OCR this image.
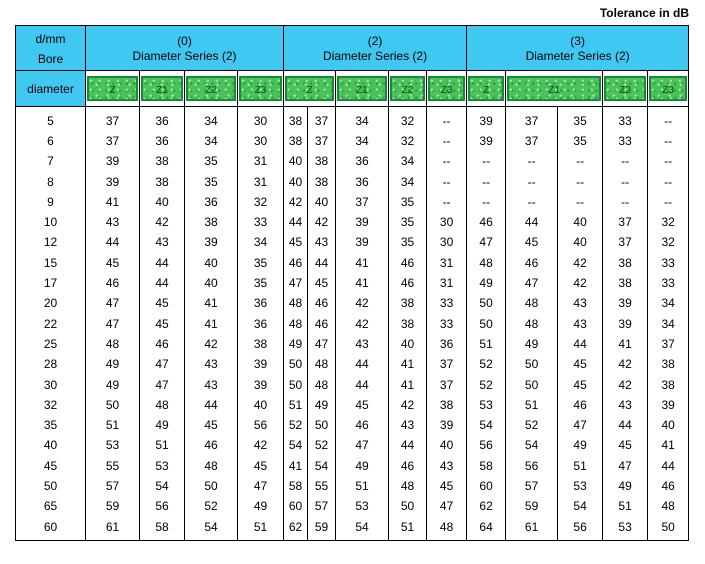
Tolerance in dB
d/mm
Bore	(0)				(2)					(3)				
	Diameter Series (2)				Diameter Series (2)					Diameter Series (2)				
diameter	Z	Z1	Z2	Z3	Z		Z1	Z2	Z3	Z	Z1		Z2	Z3

5	37	36	34	30	38	37	34	32	--	39	37	35	33	--
6	37	36	34	30	38	37	34	32	--	39	37	35	33	--
7	39	38	35	31	40	38	36	34	--	--	--	--	--	--
8	39	38	35	31	40	38	36	34	--	--	--	--	--	--
9	41	40	36	32	42	40	37	35	--	--	--	--	--	--
10	43	42	38	33	44	42	39	35	30	46	44	40	37	32
12	44	43	39	34	45	43	39	35	30	47	45	40	37	32
15	45	44	40	35	46	44	41	46	31	48	46	42	38	33
17	46	44	40	35	47	45	41	46	31	49	47	42	38	33
20	47	45	41	36	48	46	42	38	33	50	48	43	39	34
22	47	45	41	36	48	46	42	38	33	50	48	43	39	34
25	48	46	42	38	49	47	43	40	36	51	49	44	41	37
28	49	47	43	39	50	48	44	41	37	52	50	45	42	38
30	49	47	43	39	50	48	44	41	37	52	50	45	42	38
32	50	48	44	40	51	49	45	42	38	53	51	46	43	39
35	51	49	45	56	52	50	46	43	39	54	52	47	44	40
40	53	51	46	42	54	52	47	44	40	56	54	49	45	41
45	55	53	48	45	41	54	49	46	43	58	56	51	47	44
50	57	54	50	47	58	55	51	48	45	60	57	53	49	46
65	59	56	52	49	60	57	53	50	47	62	59	54	51	48
60	61	58	54	51	62	59	54	51	48	64	61	56	53	50
